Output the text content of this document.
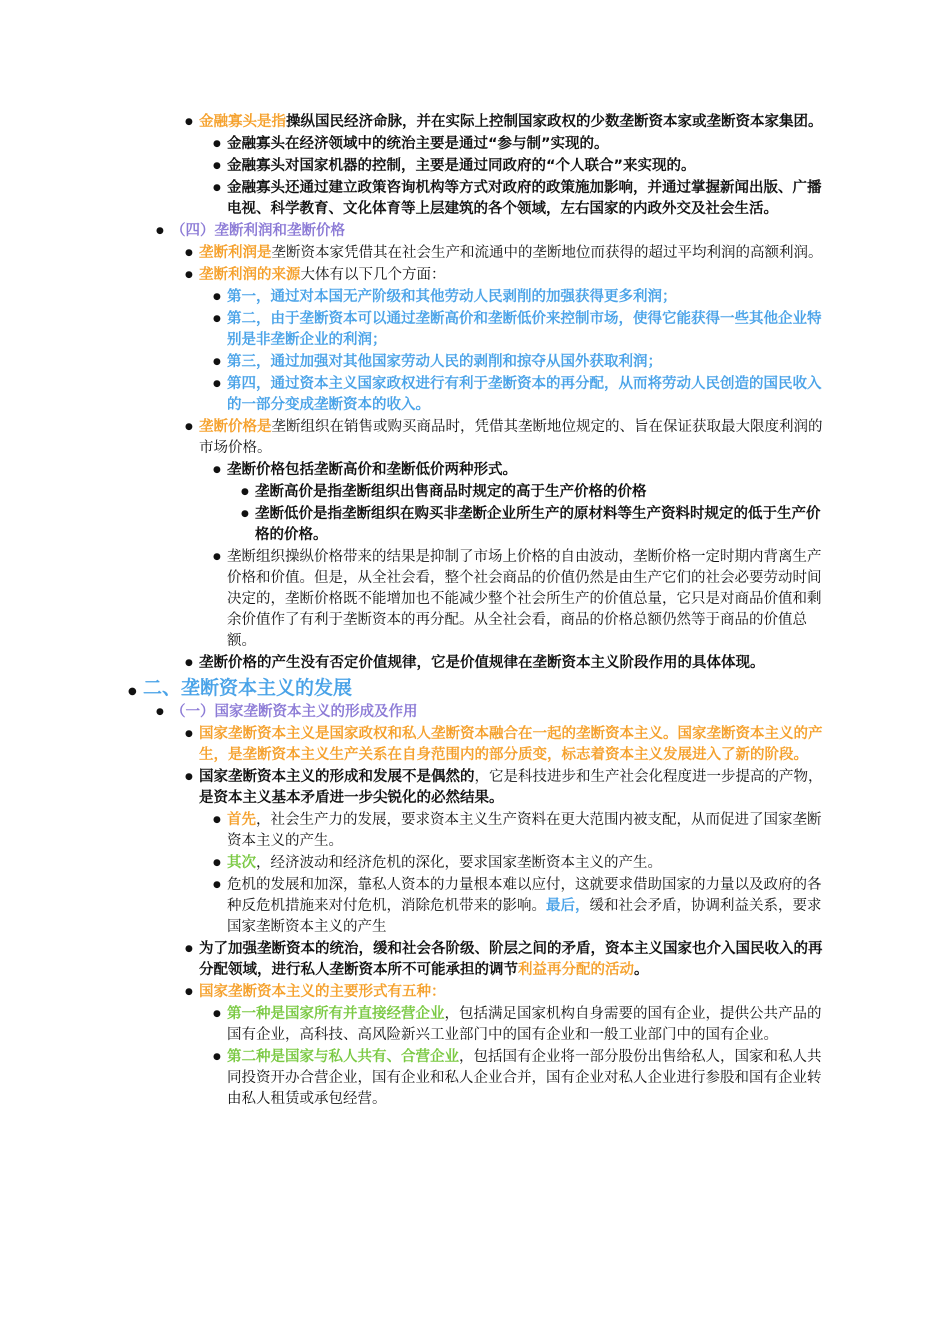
● 金融寡头是指操纵国民经济命脉，并在实际上控制国家政权的少数垄断资本家或垄断资本家集团。
● 金融寡头在经济领域中的统治主要是通过“参与制”实现的。
● 金融寡头对国家机器的控制，主要是通过同政府的“个人联合”来实现的。
● 金融寡头还通过建立政策咨询机构等方式对政府的政策施加影响，并通过掌握新闻出版、广播电视、科学教育、文化体育等上层建筑的各个领域，左右国家的内政外交及社会生活。
● （四）垄断利润和垄断价格
● 垄断利润是垄断资本家凭借其在社会生产和流通中的垄断地位而获得的超过平均利润的高额利润。
● 垄断利润的来源大体有以下几个方面：
● 第一，通过对本国无产阶级和其他劳动人民剥削的加强获得更多利润；
● 第二，由于垄断资本可以通过垄断高价和垄断低价来控制市场，使得它能获得一些其他企业特别是非垄断企业的利润；
● 第三，通过加强对其他国家劳动人民的剥削和掠夺从国外获取利润；
● 第四，通过资本主义国家政权进行有利于垄断资本的再分配，从而将劳动人民创造的国民收入的一部分变成垄断资本的收入。
● 垄断价格是垄断组织在销售或购买商品时，凭借其垄断地位规定的、旨在保证获取最大限度利润的市场价格。
● 垄断价格包括垄断高价和垄断低价两种形式。
● 垄断高价是指垄断组织出售商品时规定的高于生产价格的价格
● 垄断低价是指垄断组织在购买非垄断企业所生产的原材料等生产资料时规定的低于生产价格的价格。
● 垄断组织操纵价格带来的结果是抑制了市场上价格的自由波动，垄断价格一定时期内背离生产价格和价值。但是，从全社会看，整个社会商品的价值仍然是由生产它们的社会必要劳动时间决定的，垄断价格既不能增加也不能减少整个社会所生产的价值总量，它只是对商品价值和剩余价值作了有利于垄断资本的再分配。从全社会看，商品的价格总额仍然等于商品的价值总额。
● 垄断价格的产生没有否定价值规律，它是价值规律在垄断资本主义阶段作用的具体体现。
● 二、垄断资本主义的发展
● （一）国家垄断资本主义的形成及作用
● 国家垄断资本主义是国家政权和私人垄断资本融合在一起的垄断资本主义。国家垄断资本主义的产生，是垄断资本主义生产关系在自身范围内的部分质变，标志着资本主义发展进入了新的阶段。
● 国家垄断资本主义的形成和发展不是偶然的，它是科技进步和生产社会化程度进一步提高的产物，是资本主义基本矛盾进一步尖锐化的必然结果。
● 首先，社会生产力的发展，要求资本主义生产资料在更大范围内被支配，从而促进了国家垄断资本主义的产生。
● 其次，经济波动和经济危机的深化，要求国家垄断资本主义的产生。
● 危机的发展和加深，靠私人资本的力量根本难以应付，这就要求借助国家的力量以及政府的各种反危机措施来对付危机，消除危机带来的影响。最后，缓和社会矛盾，协调利益关系，要求国家垄断资本主义的产生
● 为了加强垄断资本的统治，缓和社会各阶级、阶层之间的矛盾，资本主义国家也介入国民收入的再分配领域，进行私人垄断资本所不可能承担的调节利益再分配的活动。
● 国家垄断资本主义的主要形式有五种：
● 第一种是国家所有并直接经营企业，包括满足国家机构自身需要的国有企业，提供公共产品的国有企业，高科技、高风险新兴工业部门中的国有企业和一般工业部门中的国有企业。
● 第二种是国家与私人共有、合营企业，包括国有企业将一部分股份出售给私人，国家和私人共同投资开办合营企业，国有企业和私人企业合并，国有企业对私人企业进行参股和国有企业转由私人租赁或承包经营。
